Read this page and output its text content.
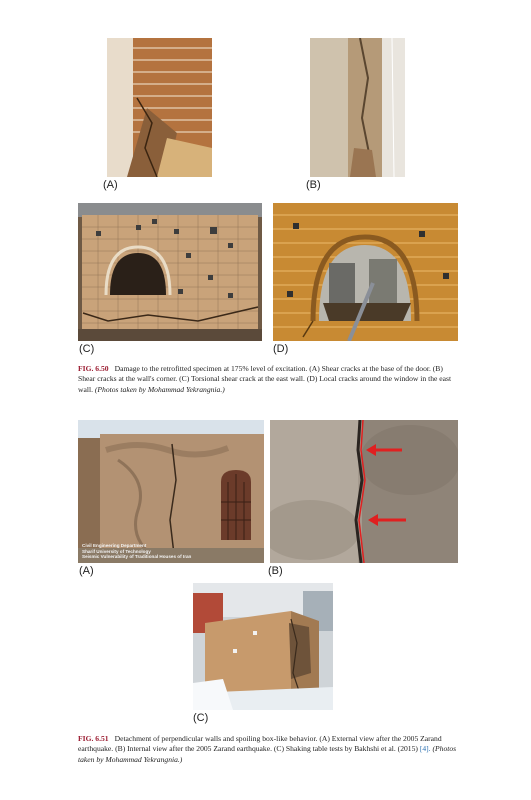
(A)	(B)
(C)	(D)
FIG. 6.50 Damage to the retrofitted specimen at 175% level of excitation. (A) Shear cracks at the base of the door. (B) Shear cracks at the wall's corner. (C) Torsional shear crack at the east wall. (D) Local cracks around the window in the east wall. (Photos taken by Mohammad Yekrangnia.)
Civil Engineering Department
Sharif University of Technology
Seismic Vulnerability of Traditional Houses of Iran
(A)	(B)
(C)
FIG. 6.51 Detachment of perpendicular walls and spoiling box-like behavior. (A) External view after the 2005 Zarand earthquake. (B) Internal view after the 2005 Zarand earthquake. (C) Shaking table tests by Bakhshi et al. (2015) [4]. (Photos taken by Mohammad Yekrangnia.)
